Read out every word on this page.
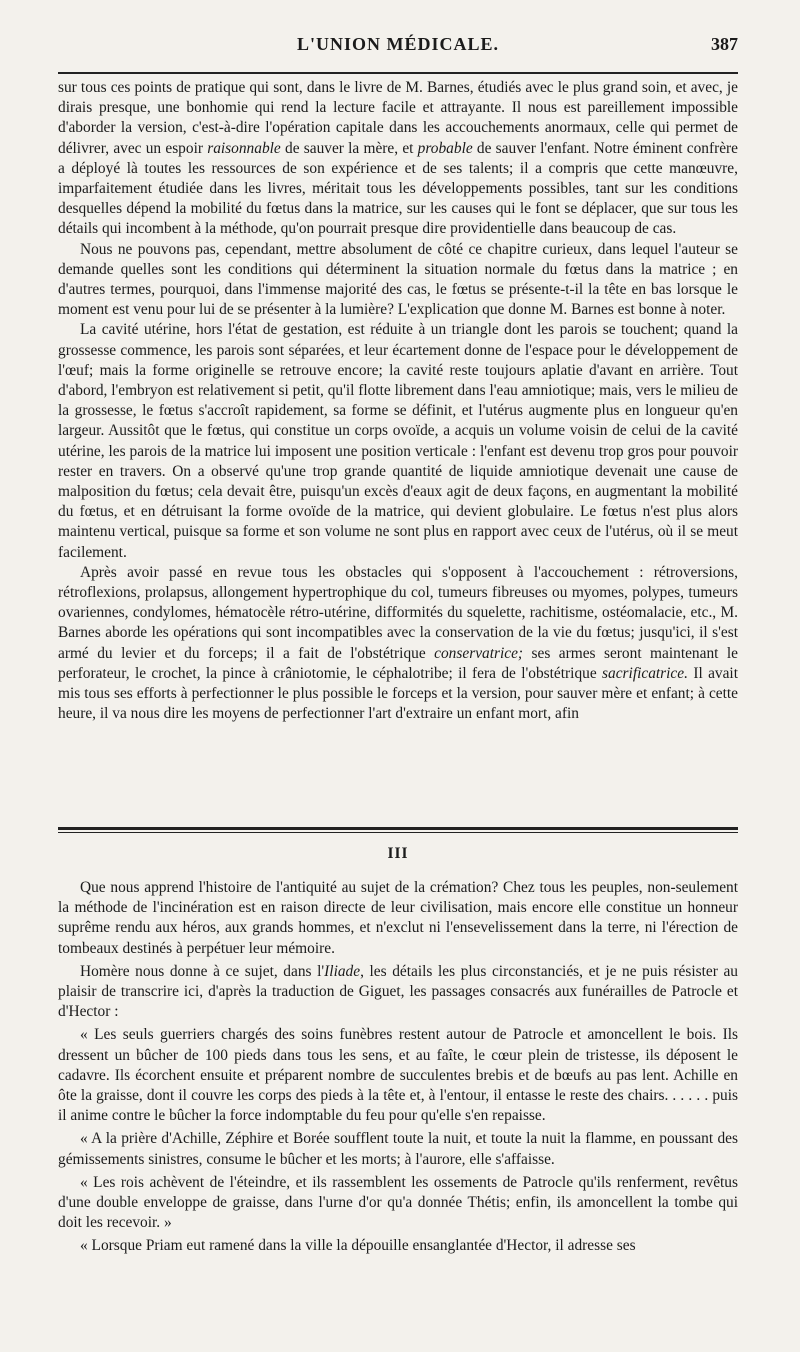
L'UNION MÉDICALE.	387

sur tous ces points de pratique qui sont, dans le livre de M. Barnes, étudiés avec le plus grand soin, et avec, je dirais presque, une bonhomie qui rend la lecture facile et attrayante. Il nous est pareillement impossible d'aborder la version, c'est-à-dire l'opération capitale dans les accouchements anormaux, celle qui permet de délivrer, avec un espoir raisonnable de sauver la mère, et probable de sauver l'enfant. Notre éminent confrère a déployé là toutes les ressources de son expérience et de ses talents; il a compris que cette manœuvre, imparfaitement étudiée dans les livres, méritait tous les développements possibles, tant sur les conditions desquelles dépend la mobilité du fœtus dans la matrice, sur les causes qui le font se déplacer, que sur tous les détails qui incombent à la méthode, qu'on pourrait presque dire providentielle dans beaucoup de cas.

Nous ne pouvons pas, cependant, mettre absolument de côté ce chapitre curieux, dans lequel l'auteur se demande quelles sont les conditions qui déterminent la situation normale du fœtus dans la matrice ; en d'autres termes, pourquoi, dans l'immense majorité des cas, le fœtus se présente-t-il la tête en bas lorsque le moment est venu pour lui de se présenter à la lumière? L'explication que donne M. Barnes est bonne à noter.

La cavité utérine, hors l'état de gestation, est réduite à un triangle dont les parois se touchent; quand la grossesse commence, les parois sont séparées, et leur écartement donne de l'espace pour le développement de l'œuf; mais la forme originelle se retrouve encore; la cavité reste toujours aplatie d'avant en arrière. Tout d'abord, l'embryon est relativement si petit, qu'il flotte librement dans l'eau amniotique; mais, vers le milieu de la grossesse, le fœtus s'accroît rapidement, sa forme se définit, et l'utérus augmente plus en longueur qu'en largeur. Aussitôt que le fœtus, qui constitue un corps ovoïde, a acquis un volume voisin de celui de la cavité utérine, les parois de la matrice lui imposent une position verticale : l'enfant est devenu trop gros pour pouvoir rester en travers. On a observé qu'une trop grande quantité de liquide amniotique devenait une cause de malposition du fœtus; cela devait être, puisqu'un excès d'eaux agit de deux façons, en augmentant la mobilité du fœtus, et en détruisant la forme ovoïde de la matrice, qui devient globulaire. Le fœtus n'est plus alors maintenu vertical, puisque sa forme et son volume ne sont plus en rapport avec ceux de l'utérus, où il se meut facilement.

Après avoir passé en revue tous les obstacles qui s'opposent à l'accouchement : rétroversions, rétroflexions, prolapsus, allongement hypertrophique du col, tumeurs fibreuses ou myomes, polypes, tumeurs ovariennes, condylomes, hématocèle rétro-utérine, difformités du squelette, rachitisme, ostéomalacie, etc., M. Barnes aborde les opérations qui sont incompatibles avec la conservation de la vie du fœtus; jusqu'ici, il s'est armé du levier et du forceps; il a fait de l'obstétrique conservatrice; ses armes seront maintenant le perforateur, le crochet, la pince à crâniotomie, le céphalotribe; il fera de l'obstétrique sacrificatrice. Il avait mis tous ses efforts à perfectionner le plus possible le forceps et la version, pour sauver mère et enfant; à cette heure, il va nous dire les moyens de perfectionner l'art d'extraire un enfant mort, afin

III

Que nous apprend l'histoire de l'antiquité au sujet de la crémation? Chez tous les peuples, non-seulement la méthode de l'incinération est en raison directe de leur civilisation, mais encore elle constitue un honneur suprême rendu aux héros, aux grands hommes, et n'exclut ni l'ensevelissement dans la terre, ni l'érection de tombeaux destinés à perpétuer leur mémoire.

Homère nous donne à ce sujet, dans l'Iliade, les détails les plus circonstanciés, et je ne puis résister au plaisir de transcrire ici, d'après la traduction de Giguet, les passages consacrés aux funérailles de Patrocle et d'Hector :

« Les seuls guerriers chargés des soins funèbres restent autour de Patrocle et amoncellent le bois. Ils dressent un bûcher de 100 pieds dans tous les sens, et au faîte, le cœur plein de tristesse, ils déposent le cadavre. Ils écorchent ensuite et préparent nombre de succulentes brebis et de bœufs au pas lent. Achille en ôte la graisse, dont il couvre les corps des pieds à la tête et, à l'entour, il entasse le reste des chairs. . . . . . puis il anime contre le bûcher la force indomptable du feu pour qu'elle s'en repaisse.

« A la prière d'Achille, Zéphire et Borée soufflent toute la nuit, et toute la nuit la flamme, en poussant des gémissements sinistres, consume le bûcher et les morts; à l'aurore, elle s'affaisse.

« Les rois achèvent de l'éteindre, et ils rassemblent les ossements de Patrocle qu'ils renferment, revêtus d'une double enveloppe de graisse, dans l'urne d'or qu'a donnée Thétis; enfin, ils amoncellent la tombe qui doit les recevoir. »

« Lorsque Priam eut ramené dans la ville la dépouille ensanglantée d'Hector, il adresse ses
